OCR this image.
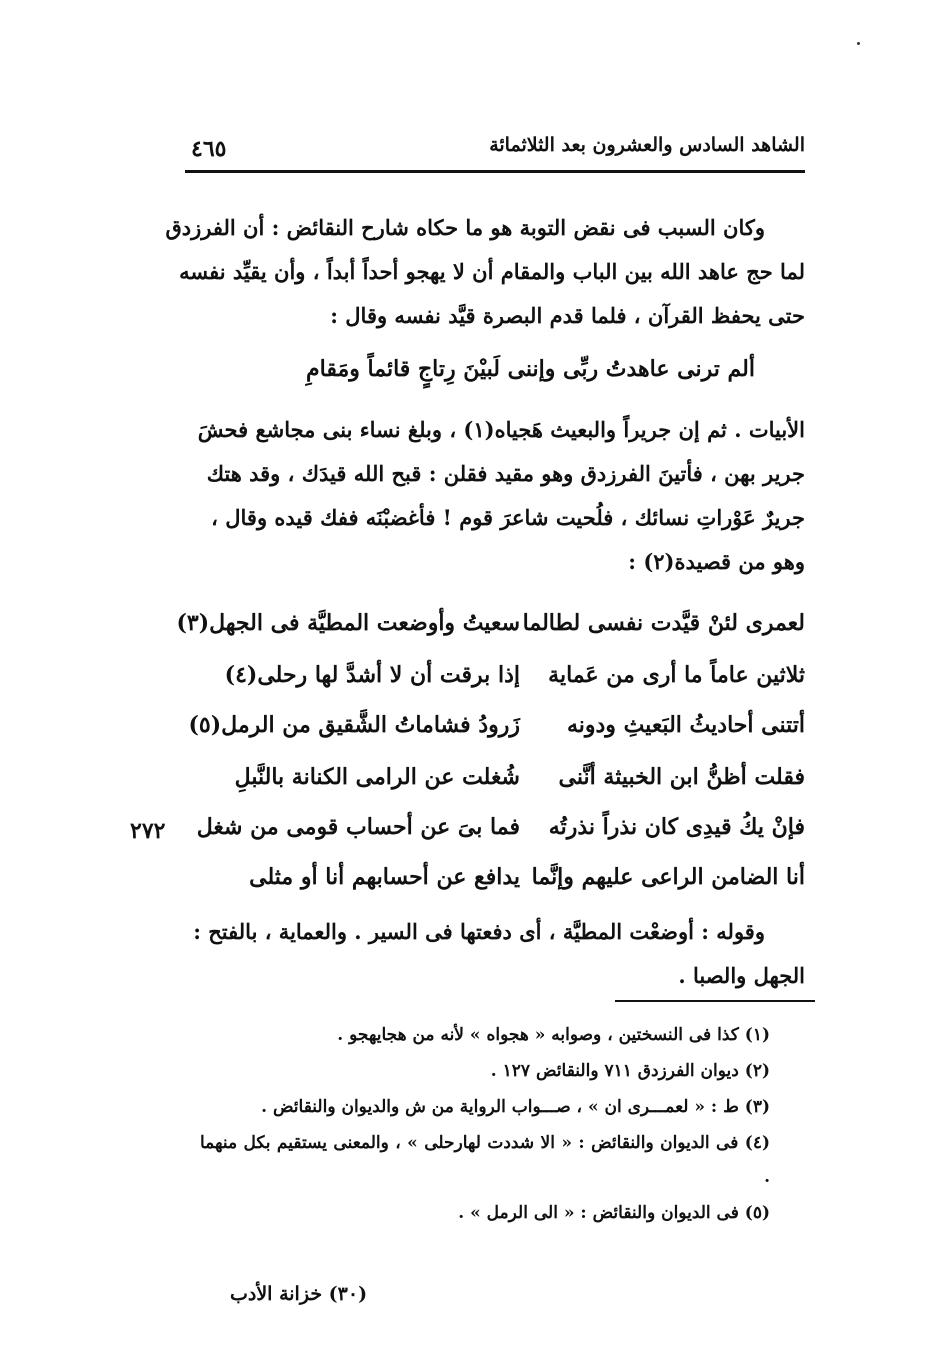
الشاهد السادس والعشرون بعد الثلاثمائة
٤٦٥
وكان السبب فى نقض التوبة هو ما حكاه شارح النقائض : أن الفرزدق
لما حج عاهد الله بين الباب والمقام أن لا يهجو أحداً أبداً ، وأن يقيِّد نفسه
حتى يحفظ القرآن ، فلما قدم البصرة قيَّد نفسه وقال :
ألم ترنى عاهدتُ ربِّى وإننى
لَبيْنَ رِتاجٍ قائماً ومَقامِ
الأبيات . ثم إن جريراً والبعيث هَجياه(١) ، وبلغ نساء بنى مجاشع فحشَ
جرير بهن ، فأتينَ الفرزدق وهو مقيد فقلن : قبح الله قيدَك ، وقد هتك
جريرٌ عَوْراتِ نسائك ، فلُحيت شاعرَ قوم ! فأغضبْنَه ففك قيده وقال ،
وهو من قصيدة(٢) :
لعمرى لئنْ قيَّدت نفسى لطالما
سعيتُ وأوضعت المطيَّة فى الجهل(٣)
ثلاثين عاماً ما أرى من عَماية
إذا برقت أن لا أشدَّ لها رحلى(٤)
أتتنى أحاديثُ البَعيثِ ودونه
زَرودُ فشاماتُ الشَّقيق من الرمل(٥)
فقلت أظنُّ ابن الخبيثة أنَّنى
شُغلت عن الرامى الكنانة بالنَّبلِ
فإنْ يكُ قيدِى كان نذراً نذرتُه
فما بىَ عن أحساب قومى من شغل
أنا الضامن الراعى عليهم وإنَّما
يدافع عن أحسابهم أنا أو مثلى
٢٧٢
وقوله : أوضعْت المطيَّة ، أى دفعتها فى السير . والعماية ، بالفتح :
الجهل والصبا .

(١) كذا فى النسختين ، وصوابه « هجواه » لأنه من هجايهجو .

(٢) ديوان الفرزدق ٧١١ والنقائض ١٢٧ .

(٣) ط : « لعمـــرى ان » ، صـــواب الرواية من ش والديوان والنقائض .

(٤) فى الديوان والنقائض : « الا شددت لهارحلى » ، والمعنى يستقيم بكل منهما .

(٥) فى الديوان والنقائض : « الى الرمل » .

(٣٠) خزانة الأدب
